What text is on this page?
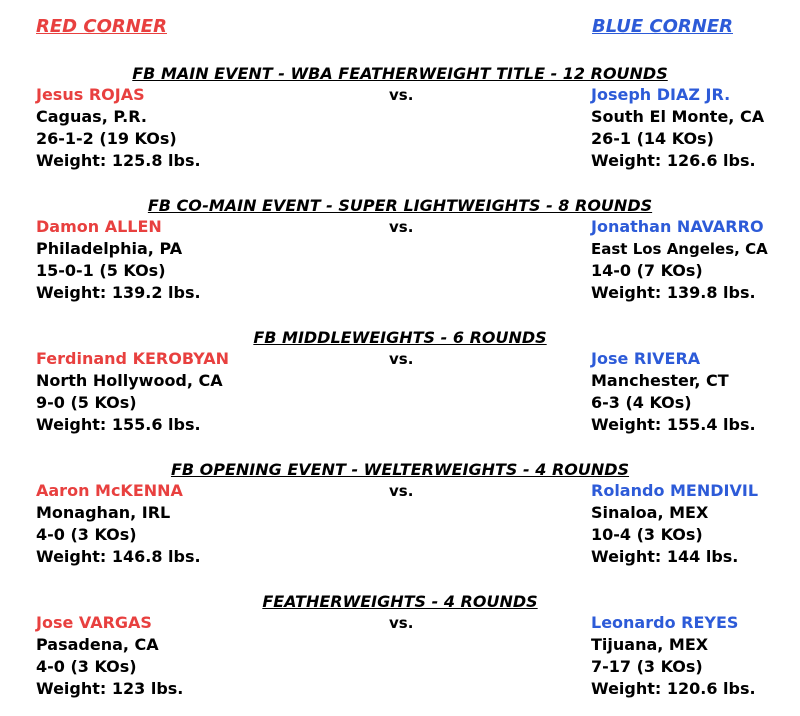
RED CORNER	BLUE CORNER
FB MAIN EVENT - WBA FEATHERWEIGHT TITLE - 12 ROUNDS
vs.
Jesus ROJAS
Caguas, P.R.
26-1-2 (19 KOs)
Weight: 125.8 lbs.
Joseph DIAZ JR.
South El Monte, CA
26-1 (14 KOs)
Weight: 126.6 lbs.
FB CO-MAIN EVENT - SUPER LIGHTWEIGHTS - 8 ROUNDS
vs.
Damon ALLEN
Philadelphia, PA
15-0-1 (5 KOs)
Weight: 139.2 lbs.
Jonathan NAVARRO
East Los Angeles, CA
14-0 (7 KOs)
Weight: 139.8 lbs.
FB MIDDLEWEIGHTS - 6 ROUNDS
vs.
Ferdinand KEROBYAN
North Hollywood, CA
9-0 (5 KOs)
Weight: 155.6 lbs.
Jose RIVERA
Manchester, CT
6-3 (4 KOs)
Weight: 155.4 lbs.
FB OPENING EVENT - WELTERWEIGHTS - 4 ROUNDS
vs.
Aaron McKENNA
Monaghan, IRL
4-0 (3 KOs)
Weight: 146.8 lbs.
Rolando MENDIVIL
Sinaloa, MEX
10-4 (3 KOs)
Weight: 144 lbs.
FEATHERWEIGHTS - 4 ROUNDS
vs.
Jose VARGAS
Pasadena, CA
4-0 (3 KOs)
Weight: 123 lbs.
Leonardo REYES
Tijuana, MEX
7-17 (3 KOs)
Weight: 120.6 lbs.
